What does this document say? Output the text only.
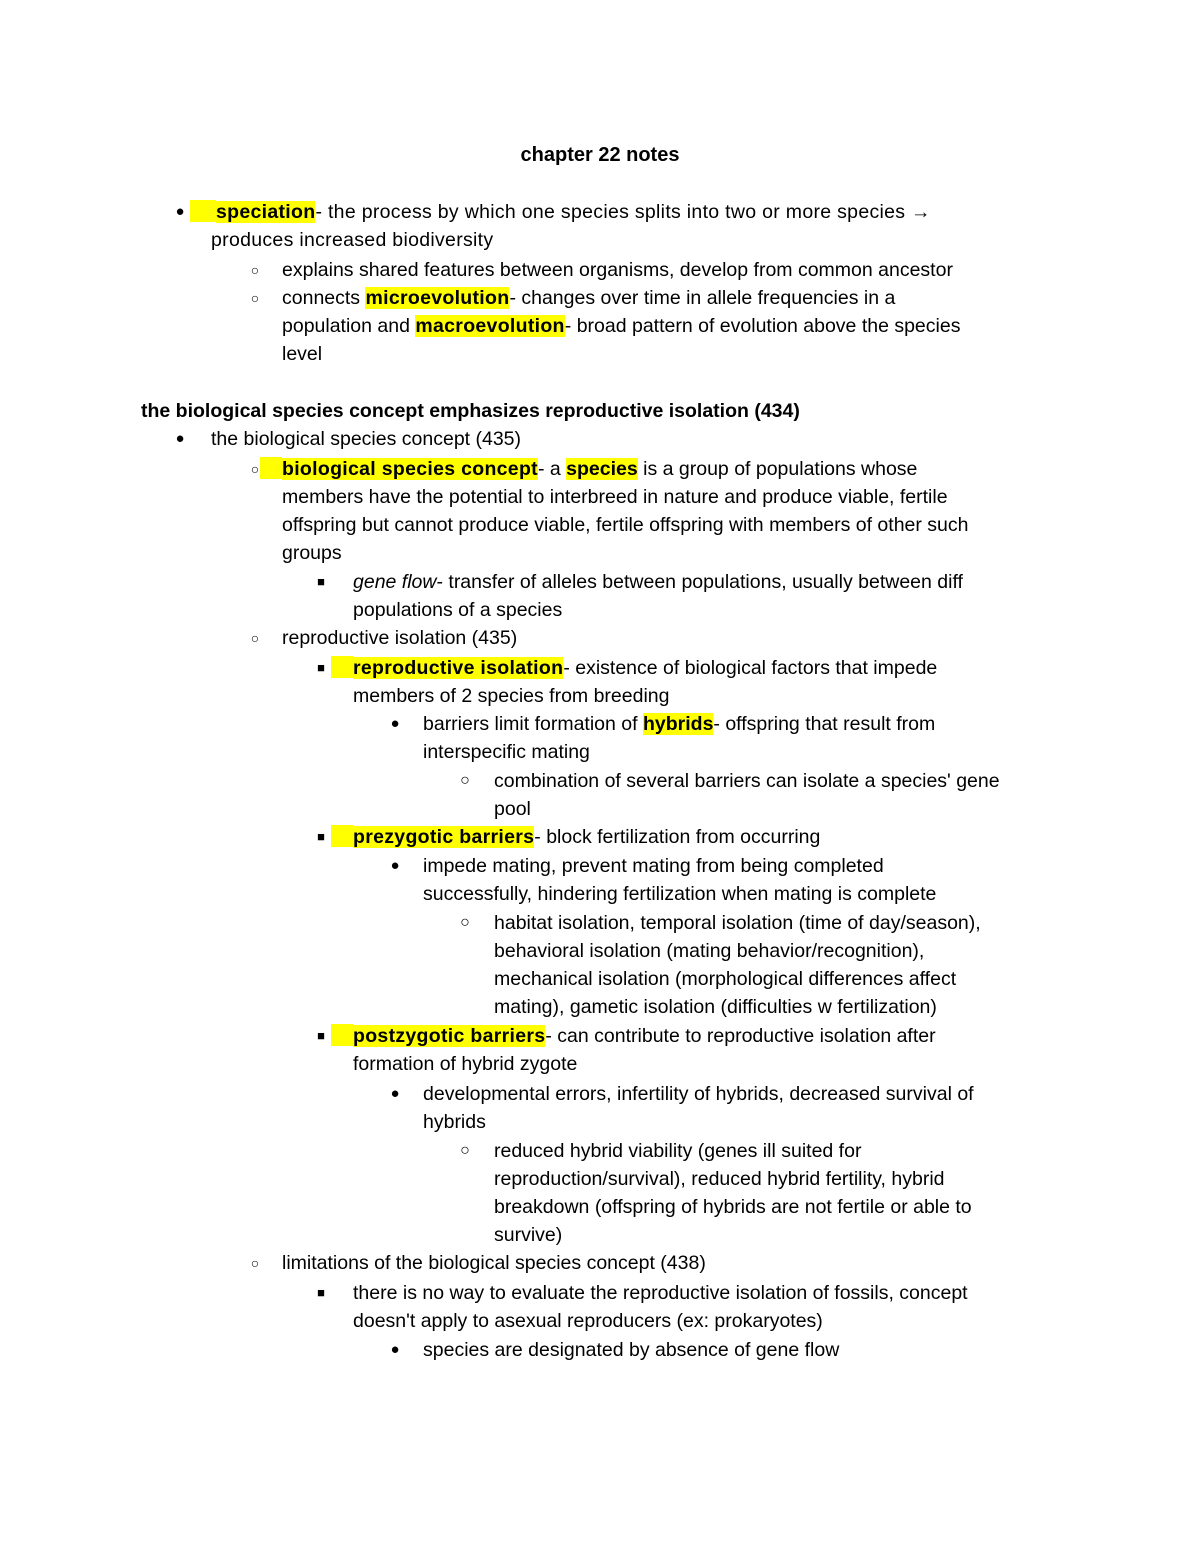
chapter 22 notes
●	speciation- the process by which one species splits into two or more species →
produces increased biodiversity
○ explains shared features between organisms, develop from common ancestor
○ connects microevolution- changes over time in allele frequencies in a
population and macroevolution- broad pattern of evolution above the species
level
the biological species concept emphasizes reproductive isolation (434)
● the biological species concept (435)
○	biological species concept- a species is a group of populations whose
members have the potential to interbreed in nature and produce viable, fertile
offspring but cannot produce viable, fertile offspring with members of other such
groups
■	gene flow- transfer of alleles between populations, usually between diff
populations of a species
○ reproductive isolation (435)
■	reproductive isolation- existence of biological factors that impede
members of 2 species from breeding
● barriers limit formation of hybrids- offspring that result from
interspecific mating
○ combination of several barriers can isolate a species' gene
pool
■	prezygotic barriers- block fertilization from occurring
● impede mating, prevent mating from being completed
successfully, hindering fertilization when mating is complete
○ habitat isolation, temporal isolation (time of day/season),
behavioral isolation (mating behavior/recognition),
mechanical isolation (morphological differences affect
mating), gametic isolation (difficulties w fertilization)
■	postzygotic barriers- can contribute to reproductive isolation after
formation of hybrid zygote
● developmental errors, infertility of hybrids, decreased survival of
hybrids
○ reduced hybrid viability (genes ill suited for
reproduction/survival), reduced hybrid fertility, hybrid
breakdown (offspring of hybrids are not fertile or able to
survive)
○ limitations of the biological species concept (438)
■	there is no way to evaluate the reproductive isolation of fossils, concept
doesn't apply to asexual reproducers (ex: prokaryotes)
● species are designated by absence of gene flow
